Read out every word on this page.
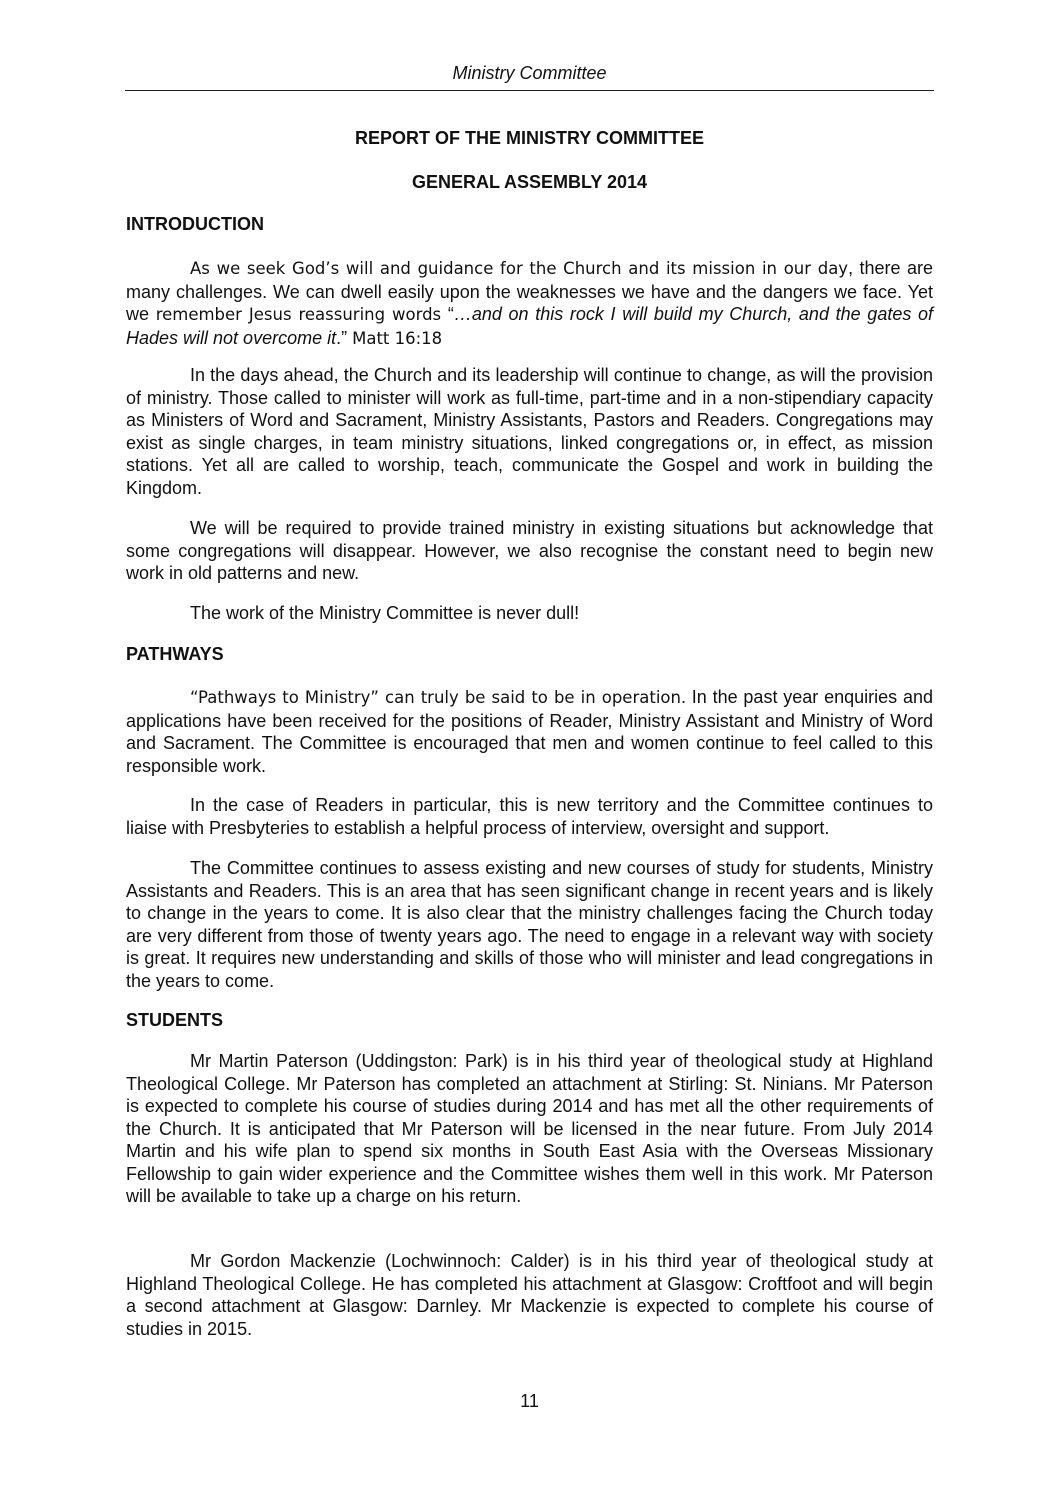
Ministry Committee
REPORT OF THE MINISTRY COMMITTEE
GENERAL ASSEMBLY 2014
INTRODUCTION
As we seek God’s will and guidance for the Church and its mission in our day, there are many challenges. We can dwell easily upon the weaknesses we have and the dangers we face. Yet we remember Jesus reassuring words “…and on this rock I will build my Church, and the gates of Hades will not overcome it.” Matt 16:18
In the days ahead, the Church and its leadership will continue to change, as will the provision of ministry. Those called to minister will work as full-time, part-time and in a non-stipendiary capacity as Ministers of Word and Sacrament, Ministry Assistants, Pastors and Readers. Congregations may exist as single charges, in team ministry situations, linked congregations or, in effect, as mission stations. Yet all are called to worship, teach, communicate the Gospel and work in building the Kingdom.
We will be required to provide trained ministry in existing situations but acknowledge that some congregations will disappear. However, we also recognise the constant need to begin new work in old patterns and new.
The work of the Ministry Committee is never dull!
PATHWAYS
“Pathways to Ministry” can truly be said to be in operation. In the past year enquiries and applications have been received for the positions of Reader, Ministry Assistant and Ministry of Word and Sacrament. The Committee is encouraged that men and women continue to feel called to this responsible work.
In the case of Readers in particular, this is new territory and the Committee continues to liaise with Presbyteries to establish a helpful process of interview, oversight and support.
The Committee continues to assess existing and new courses of study for students, Ministry Assistants and Readers. This is an area that has seen significant change in recent years and is likely to change in the years to come. It is also clear that the ministry challenges facing the Church today are very different from those of twenty years ago. The need to engage in a relevant way with society is great. It requires new understanding and skills of those who will minister and lead congregations in the years to come.
STUDENTS
Mr Martin Paterson (Uddingston: Park) is in his third year of theological study at Highland Theological College. Mr Paterson has completed an attachment at Stirling: St. Ninians. Mr Paterson is expected to complete his course of studies during 2014 and has met all the other requirements of the Church. It is anticipated that Mr Paterson will be licensed in the near future. From July 2014 Martin and his wife plan to spend six months in South East Asia with the Overseas Missionary Fellowship to gain wider experience and the Committee wishes them well in this work. Mr Paterson will be available to take up a charge on his return.
Mr Gordon Mackenzie (Lochwinnoch: Calder) is in his third year of theological study at Highland Theological College. He has completed his attachment at Glasgow: Croftfoot and will begin a second attachment at Glasgow: Darnley. Mr Mackenzie is expected to complete his course of studies in 2015.
11
